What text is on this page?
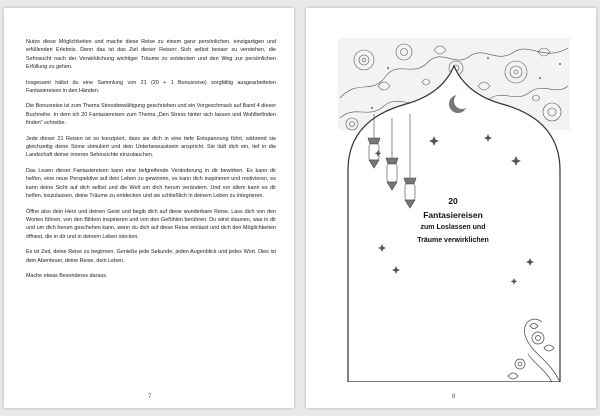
Nutze diese Möglichkeiten und mache diese Reise zu einem ganz persönlichen, einzigartigen und erfüllenden Erlebnis. Denn das ist das Ziel dieser Reisen: Sich selbst besser zu verstehen, die Sehnsucht nach der Verwirklichung wichtiger Träume zu entdecken und den Weg zur persönlichen Erfüllung zu gehen.

Insgesamt hältst du eine Sammlung von 21 (20 + 1 Bonusreise) sorgfältig ausgearbeiteten Fantasiereisen in den Händen.

Die Bonusreise ist zum Thema Stressbewältigung geschrieben und ein Vorgeschmack auf Band 4 dieser Buchreihe. In dem ich 20 Fantasiereisen zum Thema „Den Stress hinter sich lassen und Wohlbefinden finden" schreibe.

Jede dieser 21 Reisen ist so konzipiert, dass sie dich in eine tiefe Entspannung führt, während sie gleichzeitig deine Sinne stimuliert und dein Unterbewusstsein anspricht. Sie lädt dich ein, tief in die Landschaft deiner inneren Sehnsüchte einzutauchen.

Das Lesen dieser Fantasiereisen kann eine tiefgreifende Veränderung in dir bewirken. Es kann dir helfen, eine neue Perspektive auf dein Leben zu gewinnen, es kann dich inspirieren und motivieren, es kann deine Sicht auf dich selbst und die Welt um dich herum verändern. Und vor allem kann es dir helfen, loszulassen, deine Träume zu entdecken und sie schließlich in deinem Leben zu integrieren.

Öffne also dein Herz und deinen Geist und begib dich auf diese wunderbare Reise. Lass dich von den Worten führen, von den Bildern inspirieren und von den Gefühlen berühren. Du wirst staunen, was in dir und um dich herum geschehen kann, wenn du dich auf diese Reise einlässt und dich den Möglichkeiten öffnest, die in dir und in deinem Leben stecken.

Es ist Zeit, deine Reise zu beginnen. Genieße jede Sekunde, jeden Augenblick und jedes Wort. Dies ist dein Abenteuer, deine Reise, dein Leben.

Mache etwas Besonderes daraus.

7
20
Fantasiereisen
zum Loslassen und
Träume verwirklichen
8
